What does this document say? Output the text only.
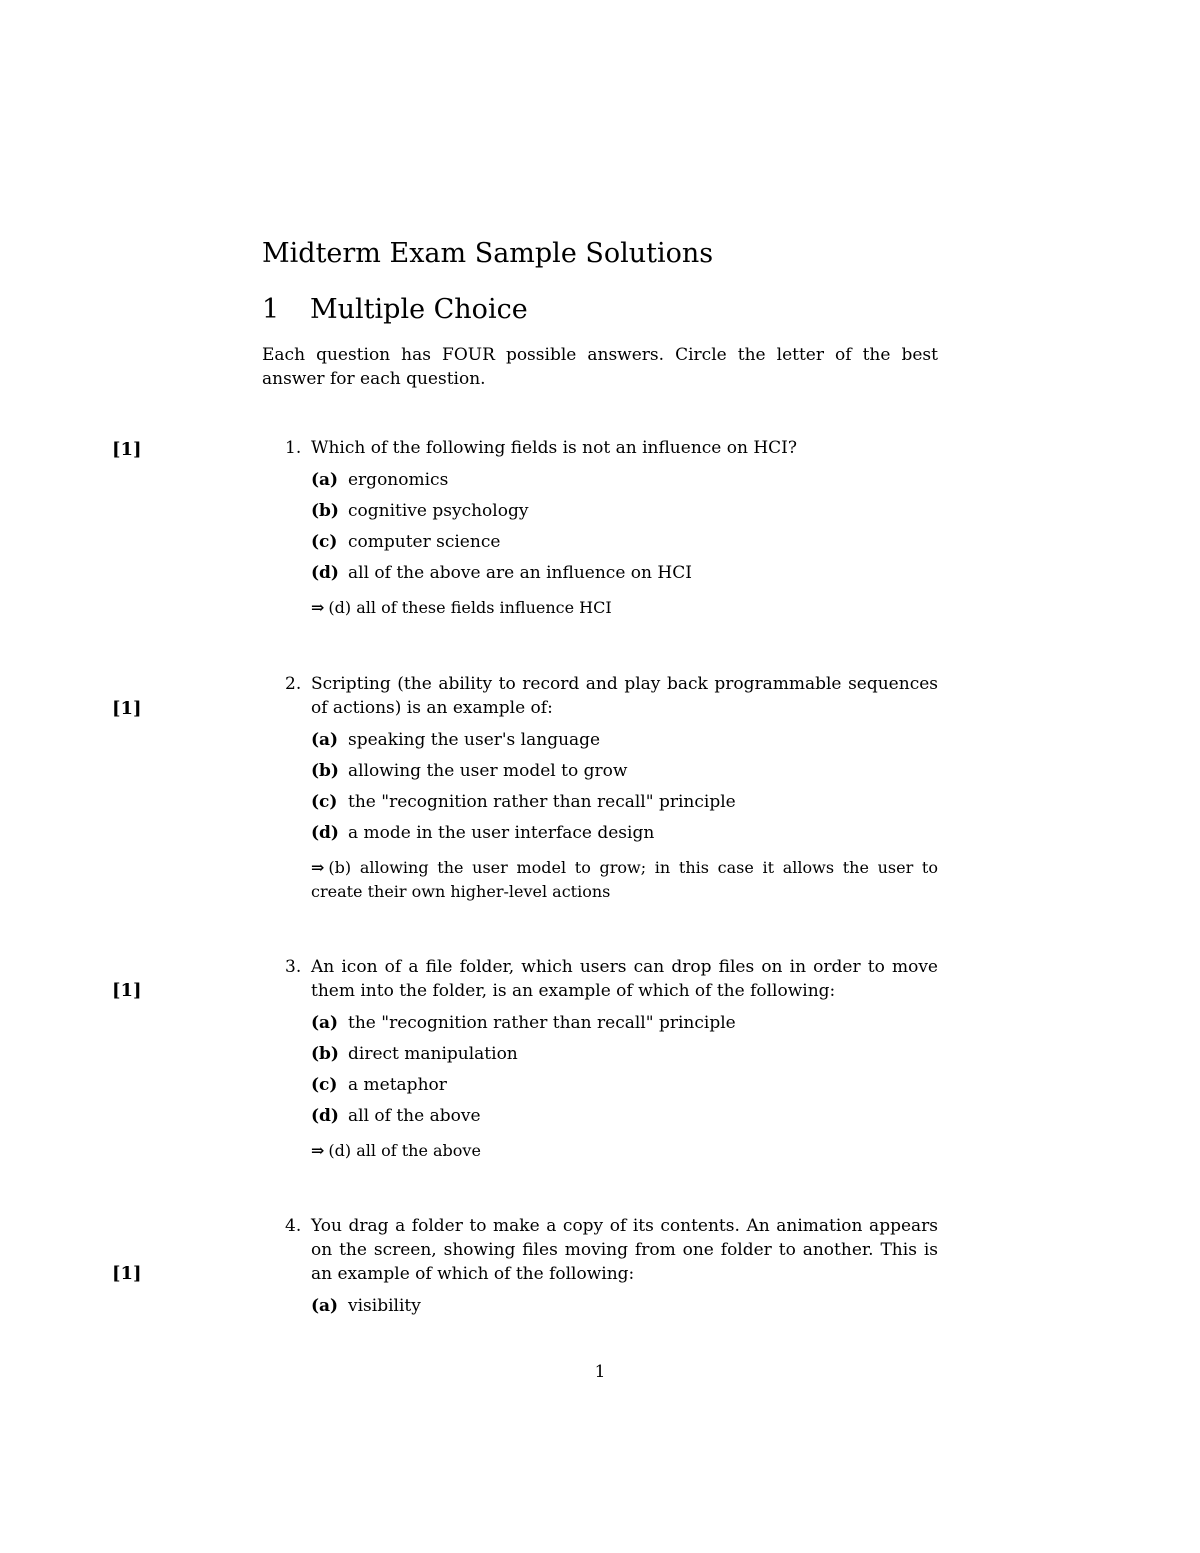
Midterm Exam Sample Solutions
1 Multiple Choice
Each question has FOUR possible answers. Circle the letter of the best answer for each question.
[1]	1. Which of the following fields is not an influence on HCI?
(a) ergonomics
(b) cognitive psychology
(c) computer science
(d) all of the above are an influence on HCI
⇒ (d) all of these fields influence HCI
[1]
2. Scripting (the ability to record and play back programmable sequences of actions) is an example of:
(a) speaking the user's language
(b) allowing the user model to grow
(c) the "recognition rather than recall" principle
(d) a mode in the user interface design
⇒ (b) allowing the user model to grow; in this case it allows the user to create their own higher-level actions
[1]
3. An icon of a file folder, which users can drop files on in order to move them into the folder, is an example of which of the following:
(a) the "recognition rather than recall" principle
(b) direct manipulation
(c) a metaphor
(d) all of the above
⇒ (d) all of the above
[1]
4. You drag a folder to make a copy of its contents. An animation appears on the screen, showing files moving from one folder to another. This is an example of which of the following:
(a) visibility
1
